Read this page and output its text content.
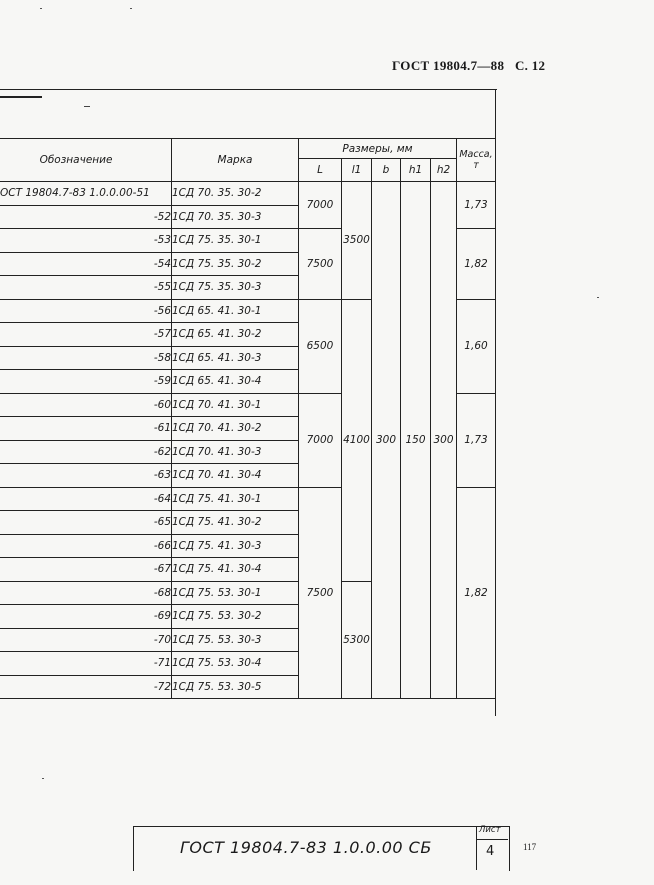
ГОСТ 19804.7—88 С. 12
Обозначение	Марка	Размеры, мм					Масса, т
		L	l1	b	h1	h2	
ОСТ 19804.7-83 1.0.0.00-51	1СД 70. 35. 30-2	7000	3500	300	150	300	1,73
-52	1СД 70. 35. 30-3						
-53	1СД 75. 35. 30-1	7500					1,82
-54	1СД 75. 35. 30-2						
-55	1СД 75. 35. 30-3						
-56	1СД 65. 41. 30-1	6500	4100				1,60
-57	1СД 65. 41. 30-2						
-58	1СД 65. 41. 30-3						
-59	1СД 65. 41. 30-4						
-60	1СД 70. 41. 30-1	7000					1,73
-61	1СД 70. 41. 30-2						
-62	1СД 70. 41. 30-3						
-63	1СД 70. 41. 30-4						
-64	1СД 75. 41. 30-1	7500					1,82
-65	1СД 75. 41. 30-2						
-66	1СД 75. 41. 30-3						
-67	1СД 75. 41. 30-4						
-68	1СД 75. 53. 30-1		5300				
-69	1СД 75. 53. 30-2						
-70	1СД 75. 53. 30-3						
-71	1СД 75. 53. 30-4						
-72	1СД 75. 53. 30-5						
ГОСТ 19804.7-83 1.0.0.00 СБ
Лист
4	117
